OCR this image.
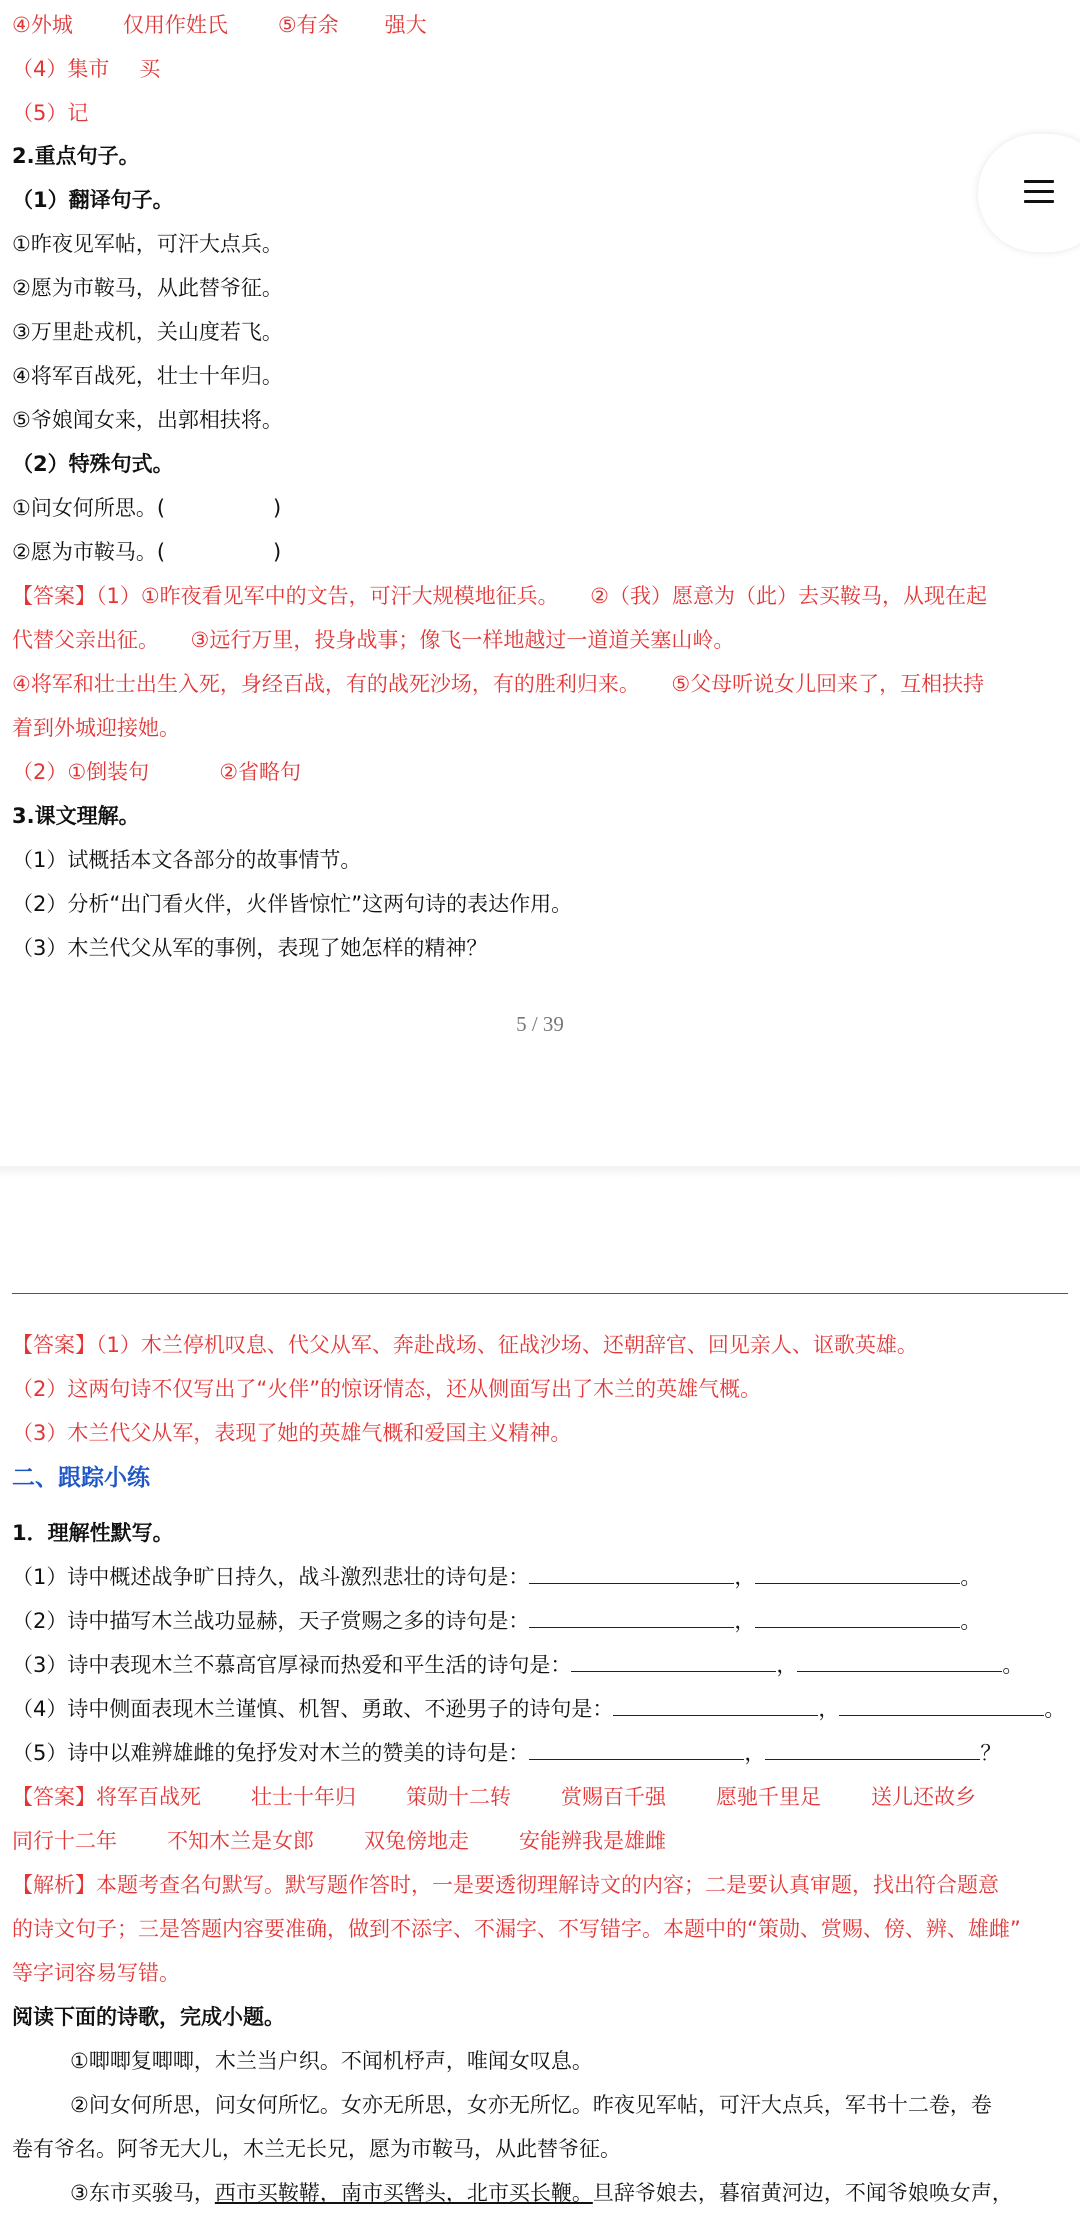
④外城 仅用作姓氏 ⑤有余 强大
（4）集市 买
（5）记
2.重点句子。
（1）翻译句子。
①昨夜见军帖，可汗大点兵。
②愿为市鞍马，从此替爷征。
③万里赴戎机，关山度若飞。
④将军百战死，壮士十年归。
⑤爷娘闻女来，出郭相扶将。
（2）特殊句式。
①问女何所思。(	)
②愿为市鞍马。(	)
【答案】（1）①昨夜看见军中的文告，可汗大规模地征兵。　　②（我）愿意为（此）去买鞍马，从现在起
代替父亲出征。　　③远行万里，投身战事；像飞一样地越过一道道关塞山岭。
④将军和壮士出生入死，身经百战，有的战死沙场，有的胜利归来。　　⑤父母听说女儿回来了，互相扶持
着到外城迎接她。
（2）①倒装句	②省略句
3.课文理解。
（1）试概括本文各部分的故事情节。
（2）分析“出门看火伴，火伴皆惊忙”这两句诗的表达作用。
（3）木兰代父从军的事例，表现了她怎样的精神？
5 / 39
【答案】（1）木兰停机叹息、代父从军、奔赴战场、征战沙场、还朝辞官、回见亲人、讴歌英雄。
（2）这两句诗不仅写出了“火伴”的惊讶情态，还从侧面写出了木兰的英雄气概。
（3）木兰代父从军，表现了她的英雄气概和爱国主义精神。
二、跟踪小练
1．理解性默写。
（1）诗中概述战争旷日持久，战斗激烈悲壮的诗句是：	，	。
（2）诗中描写木兰战功显赫，天子赏赐之多的诗句是：	，	。
（3）诗中表现木兰不慕高官厚禄而热爱和平生活的诗句是：	，	。
（4）诗中侧面表现木兰谨慎、机智、勇敢、不逊男子的诗句是：	，	。
（5）诗中以难辨雄雌的兔抒发对木兰的赞美的诗句是：	，	？
【答案】将军百战死 壮士十年归 策勋十二转 赏赐百千强 愿驰千里足 送儿还故乡
同行十二年 不知木兰是女郎 双兔傍地走 安能辨我是雄雌
【解析】本题考查名句默写。默写题作答时，一是要透彻理解诗文的内容；二是要认真审题，找出符合题意
的诗文句子；三是答题内容要准确，做到不添字、不漏字、不写错字。本题中的“策勋、赏赐、傍、辨、雄雌”
等字词容易写错。
阅读下面的诗歌，完成小题。
①唧唧复唧唧，木兰当户织。不闻机杼声，唯闻女叹息。
②问女何所思，问女何所忆。女亦无所思，女亦无所忆。昨夜见军帖，可汗大点兵，军书十二卷，卷
卷有爷名。阿爷无大儿，木兰无长兄，愿为市鞍马，从此替爷征。
③东市买骏马，西市买鞍鞯，南市买辔头，北市买长鞭。旦辞爷娘去，暮宿黄河边，不闻爷娘唤女声，
